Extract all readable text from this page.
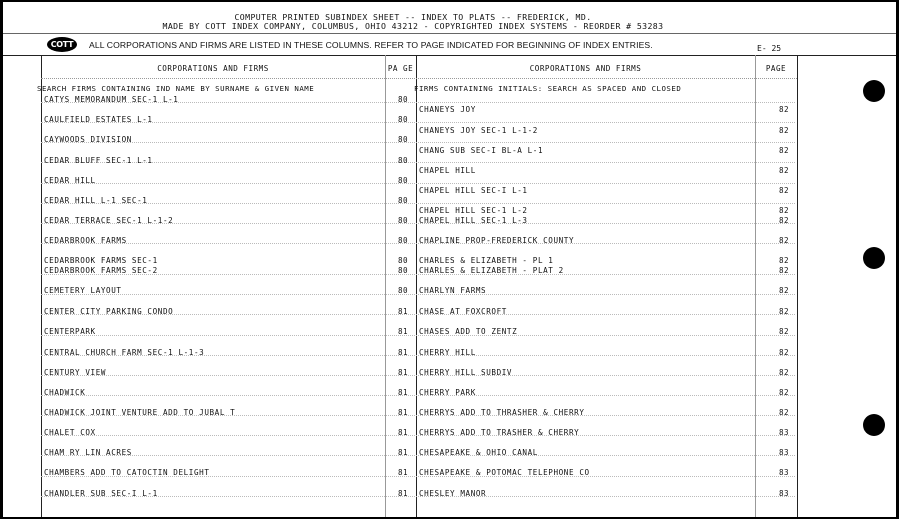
COMPUTER PRINTED SUBINDEX SHEET -- INDEX TO PLATS -- FREDERICK, MD.
MADE BY COTT INDEX COMPANY, COLUMBUS, OHIO 43212 - COPYRIGHTED INDEX SYSTEMS - REORDER # 53283
COTT	ALL CORPORATIONS AND FIRMS ARE LISTED IN THESE COLUMNS. REFER TO PAGE INDICATED FOR BEGINNING OF INDEX ENTRIES.	E- 25
CORPORATIONS AND FIRMS	PA GE	CORPORATIONS AND FIRMS	PAGE
SEARCH FIRMS CONTAINING IND NAME BY SURNAME & GIVEN NAME	FIRMS CONTAINING INITIALS: SEARCH AS SPACED AND CLOSED
CATYS MEMORANDUM SEC-1 L-1	80
CAULFIELD ESTATES L-1	80
CAYWOODS DIVISION	80
CEDAR BLUFF SEC-1 L-1	80
CEDAR HILL	80
CEDAR HILL L-1 SEC-1	80
CEDAR TERRACE SEC-1 L-1-2	80
CEDARBROOK FARMS	80
CEDARBROOK FARMS SEC-1	80
CEDARBROOK FARMS SEC-2	80
CEMETERY LAYOUT	80
CENTER CITY PARKING CONDO	81
CENTERPARK	81
CENTRAL CHURCH FARM SEC-1 L-1-3	81
CENTURY VIEW	81
CHADWICK	81
CHADWICK JOINT VENTURE ADD TO JUBAL T	81
CHALET COX	81
CHAM RY LIN ACRES	81
CHAMBERS ADD TO CATOCTIN DELIGHT	81
CHANDLER SUB SEC-I L-1	81
CHANEYS JOY	82
CHANEYS JOY SEC-1 L-1-2	82
CHANG SUB SEC-I BL-A L-1	82
CHAPEL HILL	82
CHAPEL HILL SEC-I L-1	82
CHAPEL HILL SEC-1 L-2	82
CHAPEL HILL SEC-1 L-3	82
CHAPLINE PROP-FREDERICK COUNTY	82
CHARLES & ELIZABETH - PL 1	82
CHARLES & ELIZABETH - PLAT 2	82
CHARLYN FARMS	82
CHASE AT FOXCROFT	82
CHASES ADD TO ZENTZ	82
CHERRY HILL	82
CHERRY HILL SUBDIV	82
CHERRY PARK	82
CHERRYS ADD TO THRASHER & CHERRY	82
CHERRYS ADD TO TRASHER & CHERRY	83
CHESAPEAKE & OHIO CANAL	83
CHESAPEAKE & POTOMAC TELEPHONE CO	83
CHESLEY MANOR	83
